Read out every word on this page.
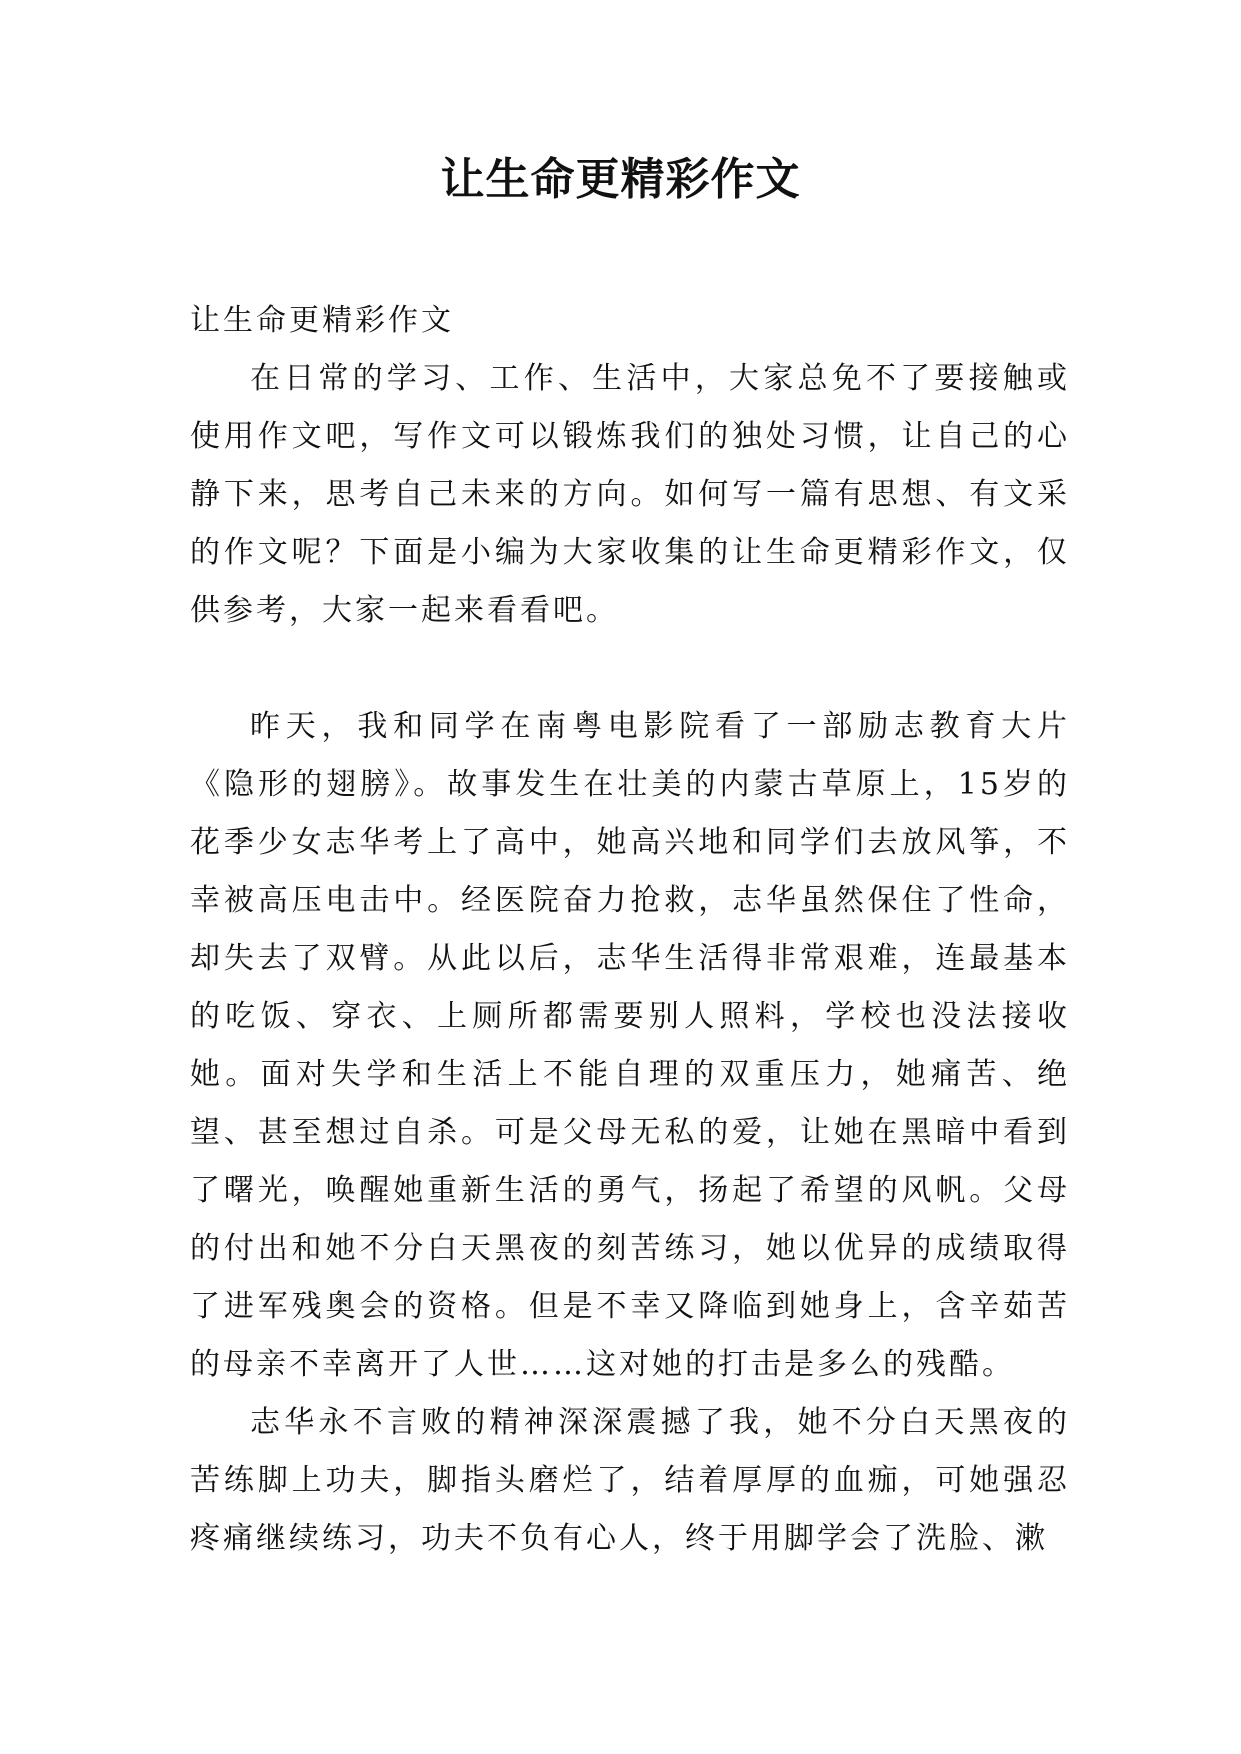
让生命更精彩作文

让生命更精彩作文

在日常的学习、工作、生活中，大家总免不了要接触或使用作文吧，写作文可以锻炼我们的独处习惯，让自己的心静下来，思考自己未来的方向。如何写一篇有思想、有文采的作文呢？下面是小编为大家收集的让生命更精彩作文，仅供参考，大家一起来看看吧。

昨天，我和同学在南粤电影院看了一部励志教育大片《隐形的翅膀》。故事发生在壮美的内蒙古草原上，15岁的花季少女志华考上了高中，她高兴地和同学们去放风筝，不幸被高压电击中。经医院奋力抢救，志华虽然保住了性命，却失去了双臂。从此以后，志华生活得非常艰难，连最基本的吃饭、穿衣、上厕所都需要别人照料，学校也没法接收她。面对失学和生活上不能自理的双重压力，她痛苦、绝望、甚至想过自杀。可是父母无私的爱，让她在黑暗中看到了曙光，唤醒她重新生活的勇气，扬起了希望的风帆。父母的付出和她不分白天黑夜的刻苦练习，她以优异的成绩取得了进军残奥会的资格。但是不幸又降临到她身上，含辛茹苦的母亲不幸离开了人世……这对她的打击是多么的残酷。

志华永不言败的精神深深震撼了我，她不分白天黑夜的苦练脚上功夫，脚指头磨烂了，结着厚厚的血痂，可她强忍疼痛继续练习，功夫不负有心人，终于用脚学会了洗脸、漱
